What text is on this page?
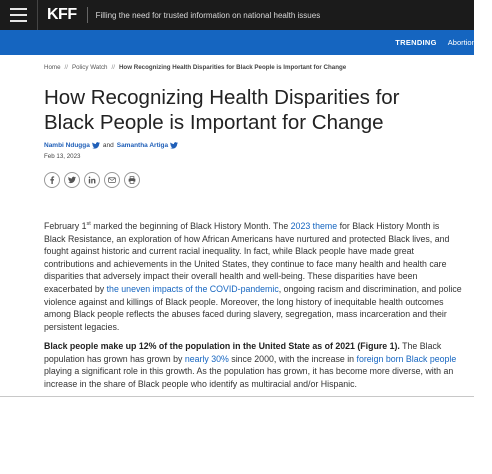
KFF Filling the need for trusted information on national health issues
TRENDING Abortion in th
Home // Policy Watch // How Recognizing Health Disparities for Black People is Important for Change
How Recognizing Health Disparities for Black People is Important for Change
Nambi Ndugga and Samantha Artiga
Feb 13, 2023

February 1st marked the beginning of Black History Month. The 2023 theme for Black History Month is Black Resistance, an exploration of how African Americans have nurtured and protected Black lives, and fought against historic and current racial inequality. In fact, while Black people have made great contributions and achievements in the United States, they continue to face many health and health care disparities that adversely impact their overall health and well-being. These disparities have been exacerbated by the uneven impacts of the COVID-pandemic, ongoing racism and discrimination, and police violence against and killings of Black people. Moreover, the long history of inequitable health outcomes among Black people reflects the abuses faced during slavery, segregation, mass incarceration and their persistent legacies.

Black people make up 12% of the population in the United State as of 2021 (Figure 1). The Black population has grown has grown by nearly 30% since 2000, with the increase in foreign born Black people playing a significant role in this growth. As the population has grown, it has become more diverse, with an increase in the share of Black people who identify as multiracial and/or Hispanic.
